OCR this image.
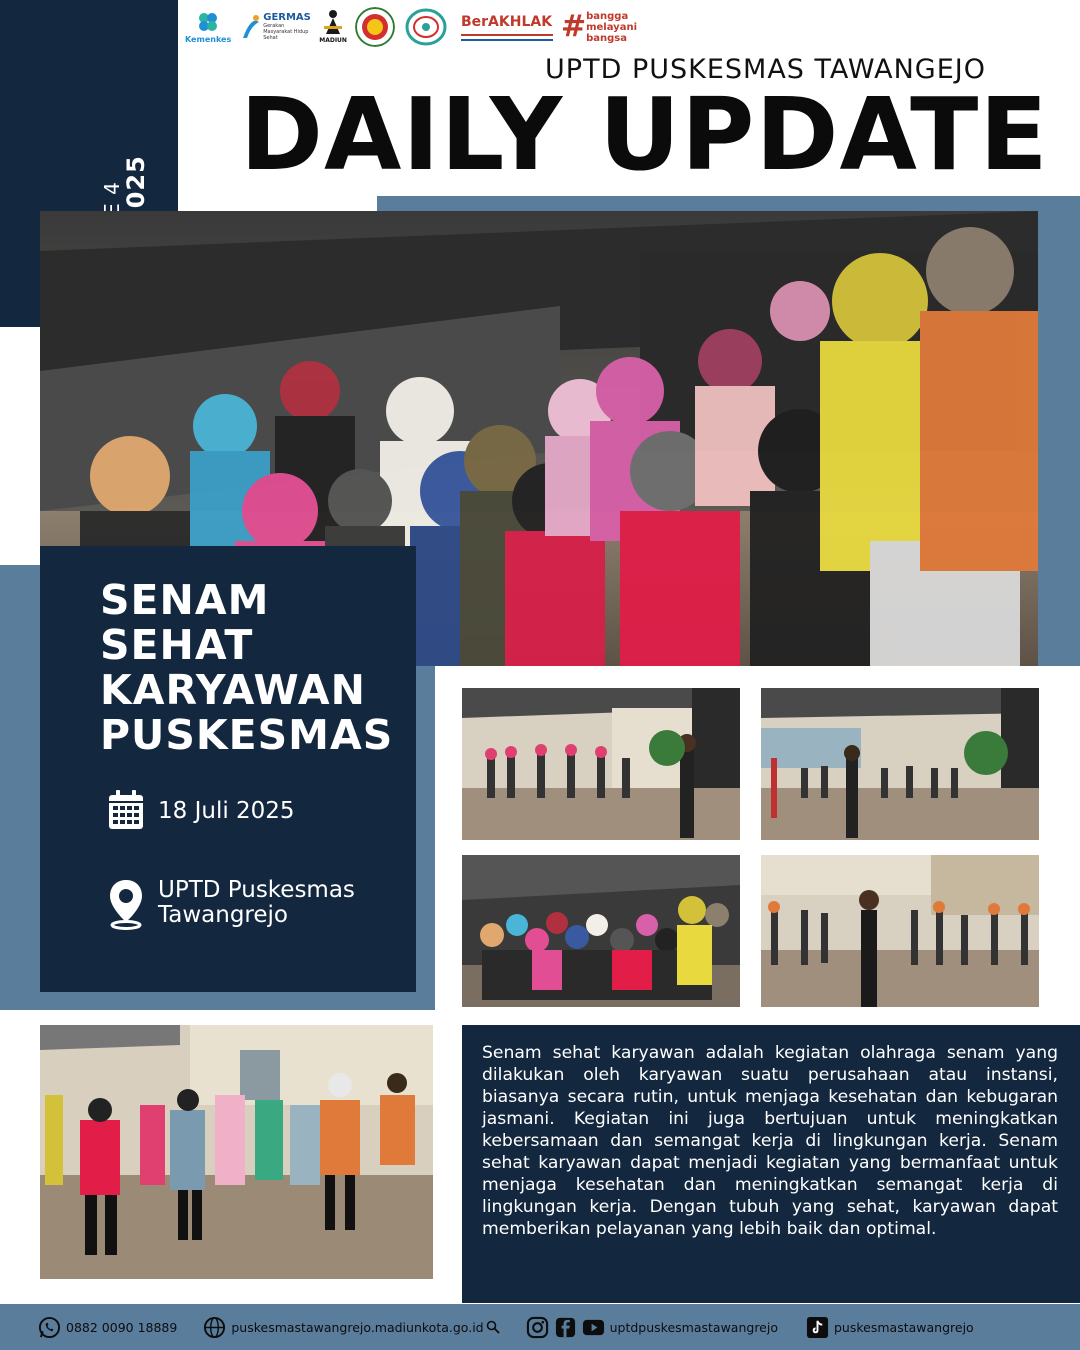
Kemenkes
GERMAS
Gerakan Masyarakat Hidup Sehat	MADIUN
BerAKHLAK # bangga
melayani
bangsa
UPTD PUSKESMAS TAWANGEJO
DAILY UPDATE
SENAM
SEHAT
KARYAWAN
PUSKESMAS
18 Juli 2025
UPTD Puskesmas
Tawangrejo

Senam sehat karyawan adalah kegiatan olahraga senam yang dilakukan oleh karyawan suatu perusahaan atau instansi, biasanya secara rutin, untuk menjaga kesehatan dan kebugaran jasmani. Kegiatan ini juga bertujuan untuk meningkatkan kebersamaan dan semangat kerja di lingkungan kerja. Senam sehat karyawan dapat menjadi kegiatan yang bermanfaat untuk menjaga kesehatan dan meningkatkan semangat kerja di lingkungan kerja. Dengan tubuh yang sehat, karyawan dapat memberikan pelayanan yang lebih baik dan optimal.

0882 0090 18889	puskesmastawangrejo.madiunkota.go.id	uptdpuskesmastawangrejo	puskesmastawangrejo
